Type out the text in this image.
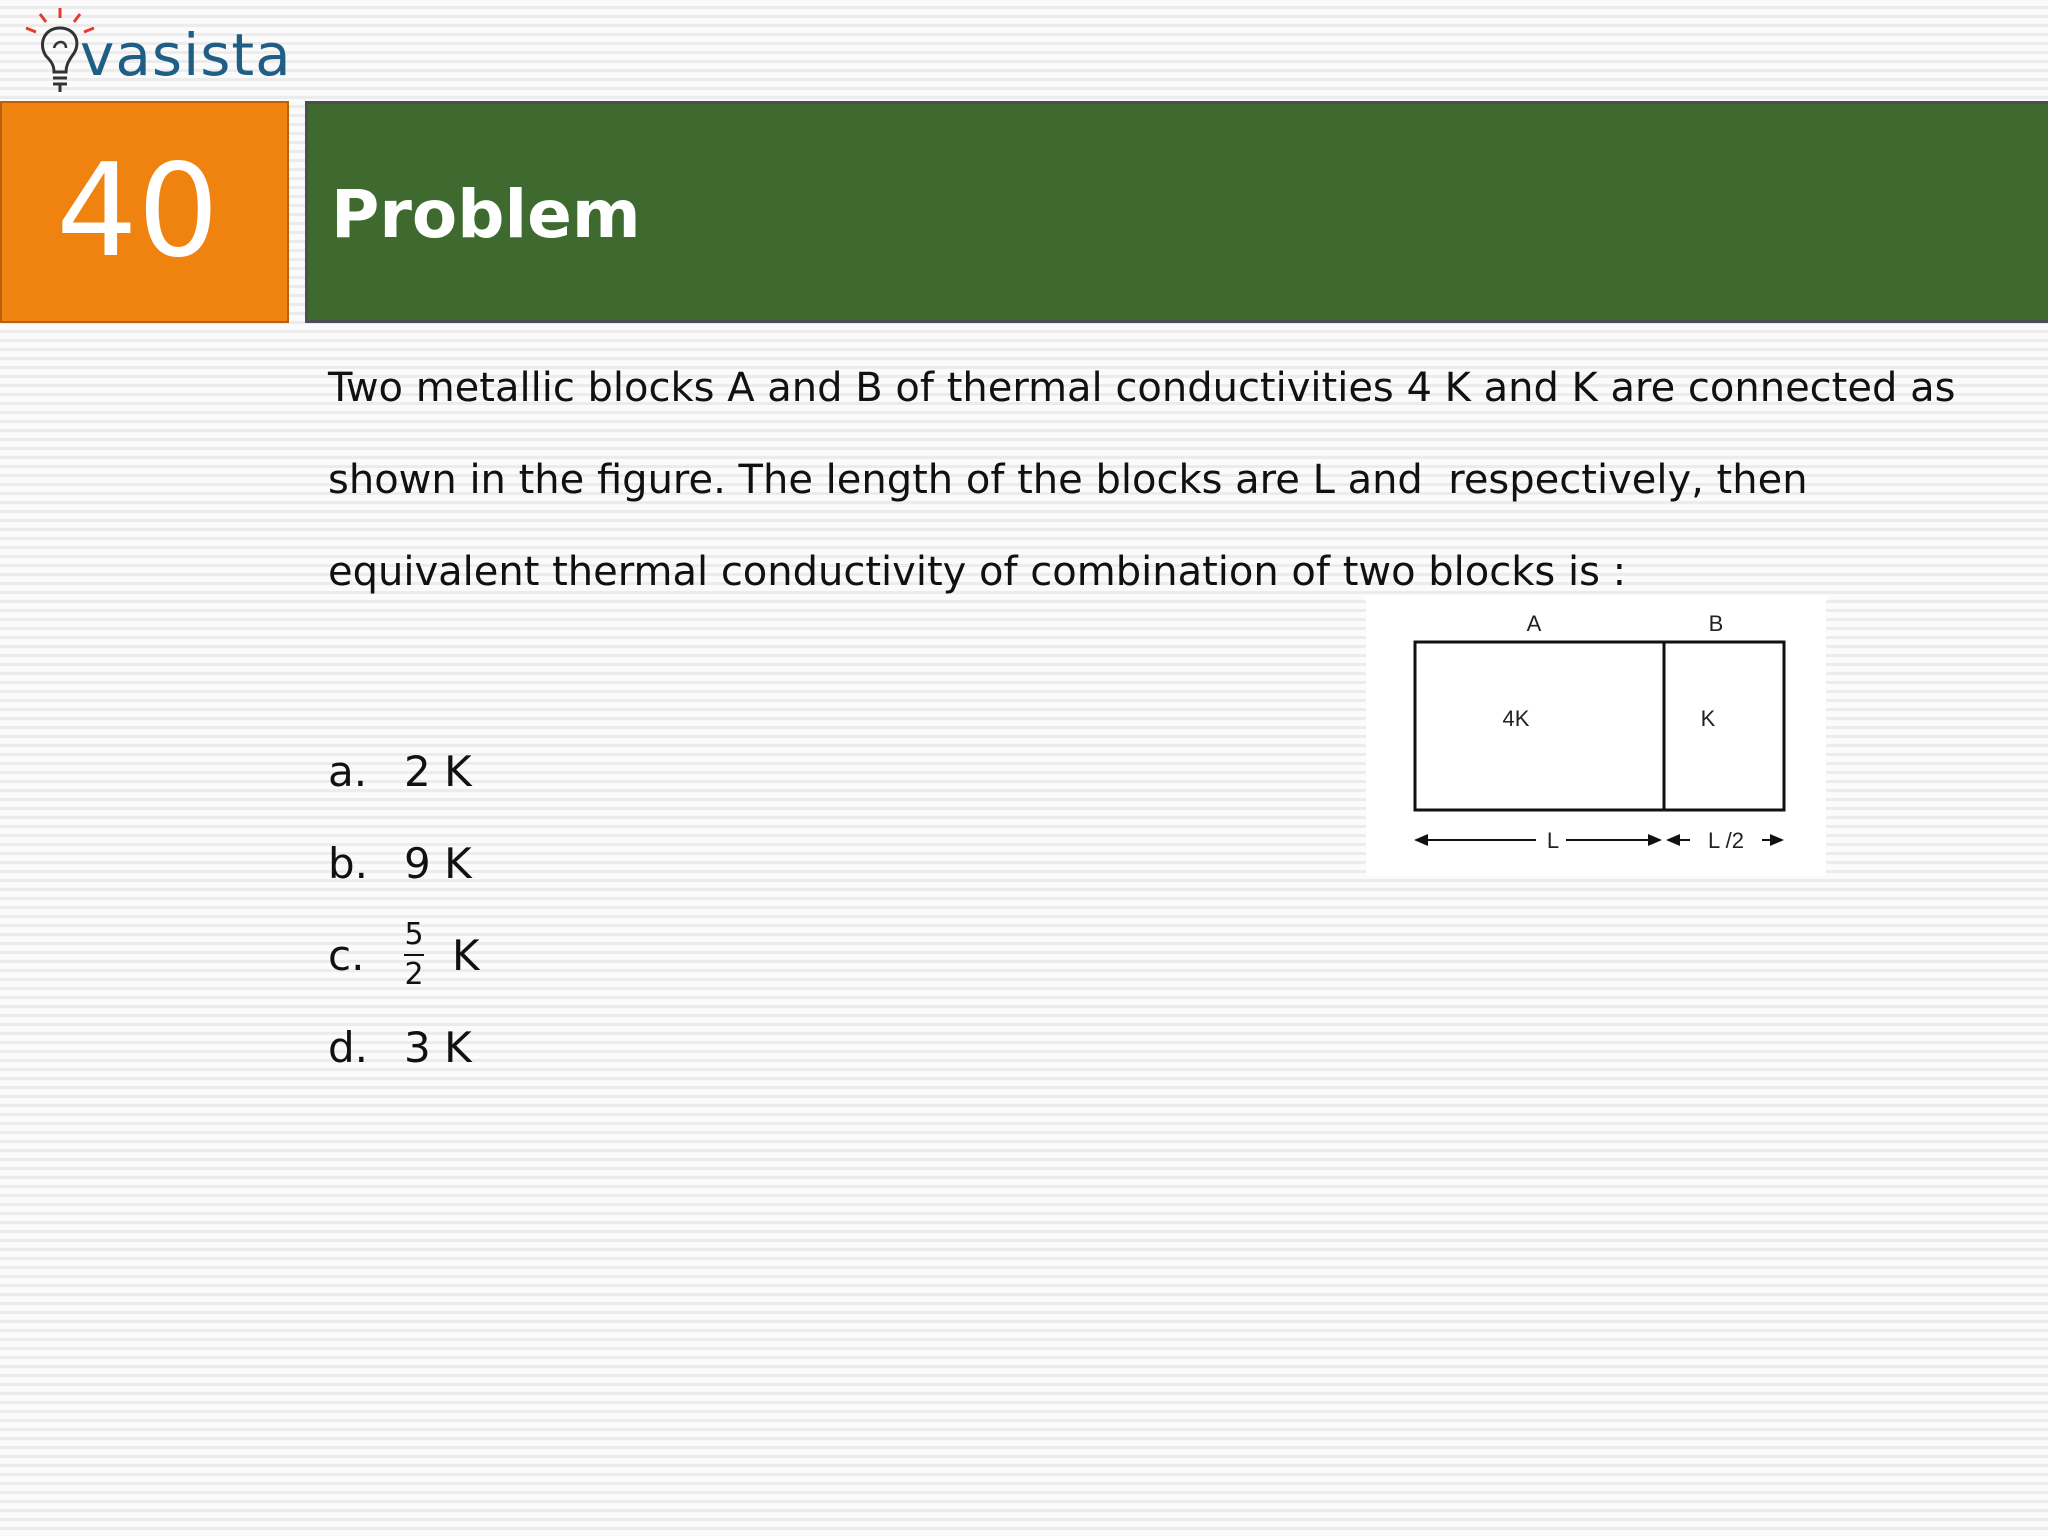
vasista
40 Problem
Two metallic blocks A and B of thermal conductivities 4 K and K are connected as
shown in the figure. The length of the blocks are L and  respectively, then
equivalent thermal conductivity of combination of two blocks is :
a. 2 K
b. 9 K
c.	$\frac{5}{2}$ K
d. 3 K
A	B
4K	K
L	L /2
